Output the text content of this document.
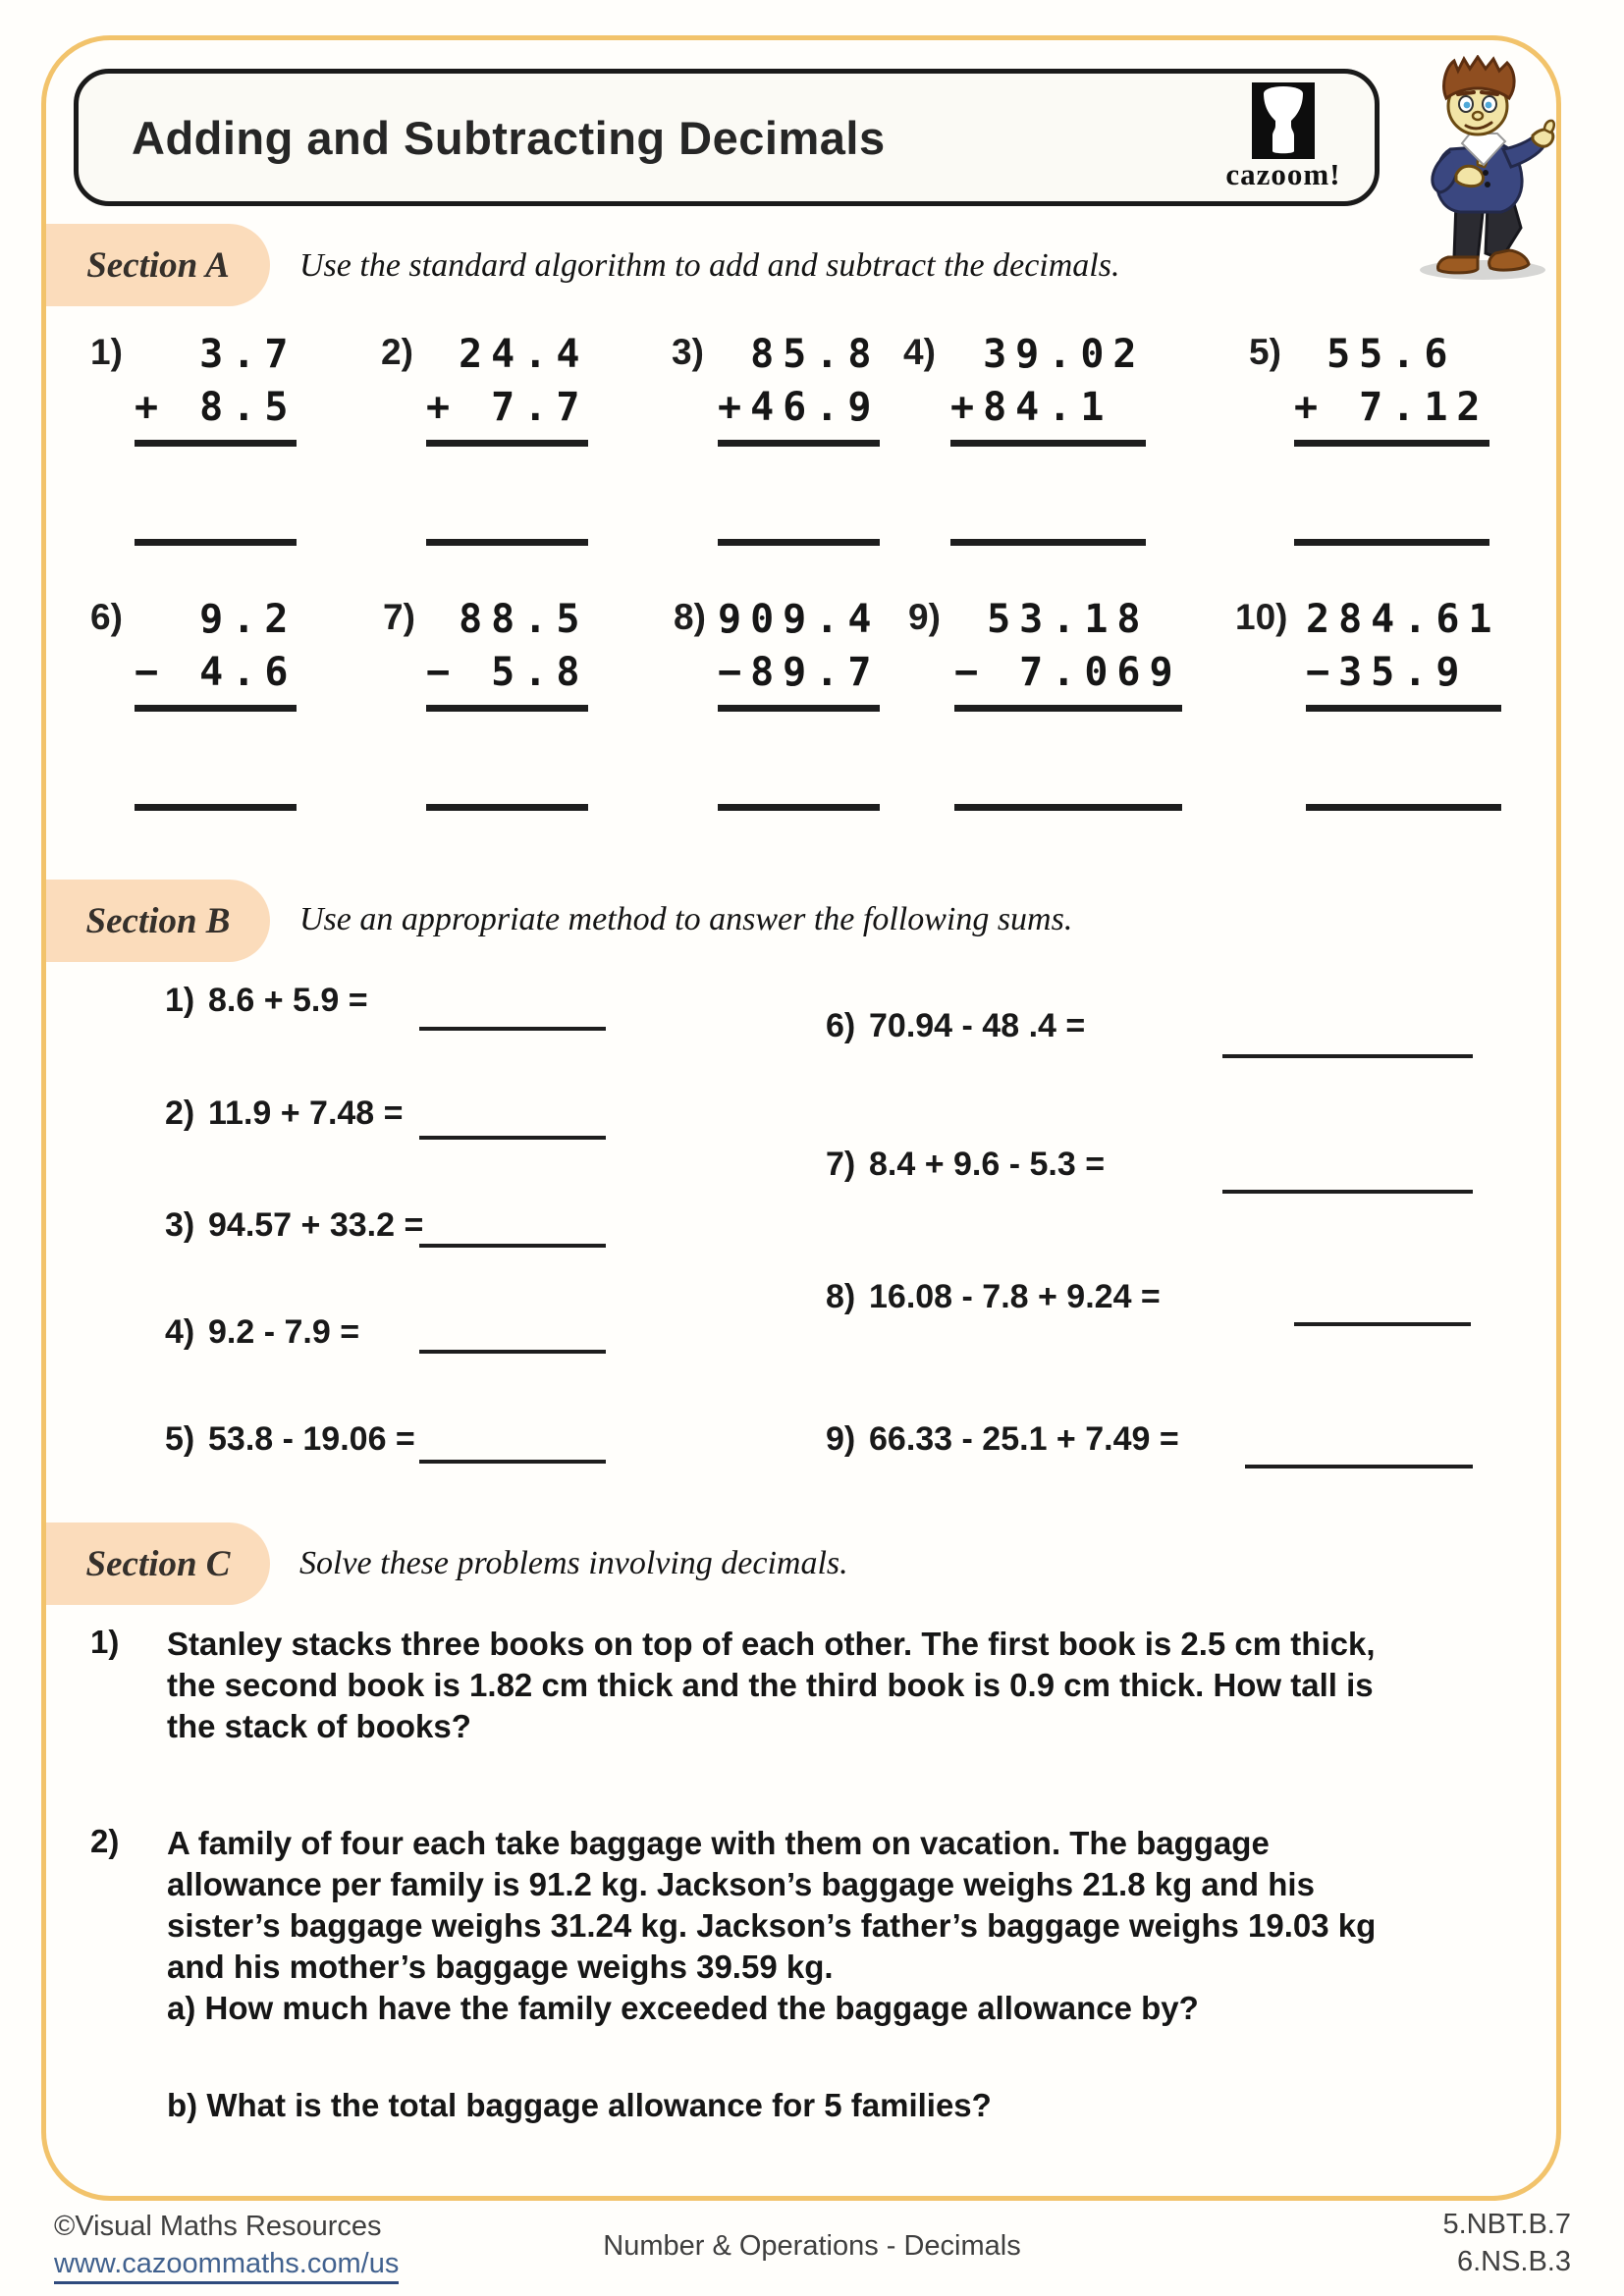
Adding and Subtracting Decimals
cazoom!
Section A Use the standard algorithm to add and subtract the decimals.
1) 3.7
+ 8.5
2) 24.4
+ 7.7
3) 85.8
+46.9
4) 39.02
+84.1
5) 55.6
+ 7.12
6) 9.2
− 4.6
7) 88.5
− 5.8
8) 909.4
−89.7
9) 53.18
− 7.069
10) 284.61
−35.9
Section B Use an appropriate method to answer the following sums.
1) 8.6 + 5.9 =
2) 11.9 + 7.48 =
3) 94.57 + 33.2 =
4) 9.2 - 7.9 =
5) 53.8 - 19.06 =
6) 70.94 - 48 .4 =
7) 8.4 + 9.6 - 5.3 =
8) 16.08 - 7.8 + 9.24 =
9) 66.33 - 25.1 + 7.49 =
Section C Solve these problems involving decimals.
1) Stanley stacks three books on top of each other. The first book is 2.5 cm thick,
the second book is 1.82 cm thick and the third book is 0.9 cm thick. How tall is
the stack of books?
2) A family of four each take baggage with them on vacation. The baggage
allowance per family is 91.2 kg. Jackson’s baggage weighs 21.8 kg and his
sister’s baggage weighs 31.24 kg. Jackson’s father’s baggage weighs 19.03 kg
and his mother’s baggage weighs 39.59 kg.
a) How much have the family exceeded the baggage allowance by?
b) What is the total baggage allowance for 5 families?
©Visual Maths Resources
www.cazoommaths.com/us
Number & Operations - Decimals
5.NBT.B.7
6.NS.B.3
